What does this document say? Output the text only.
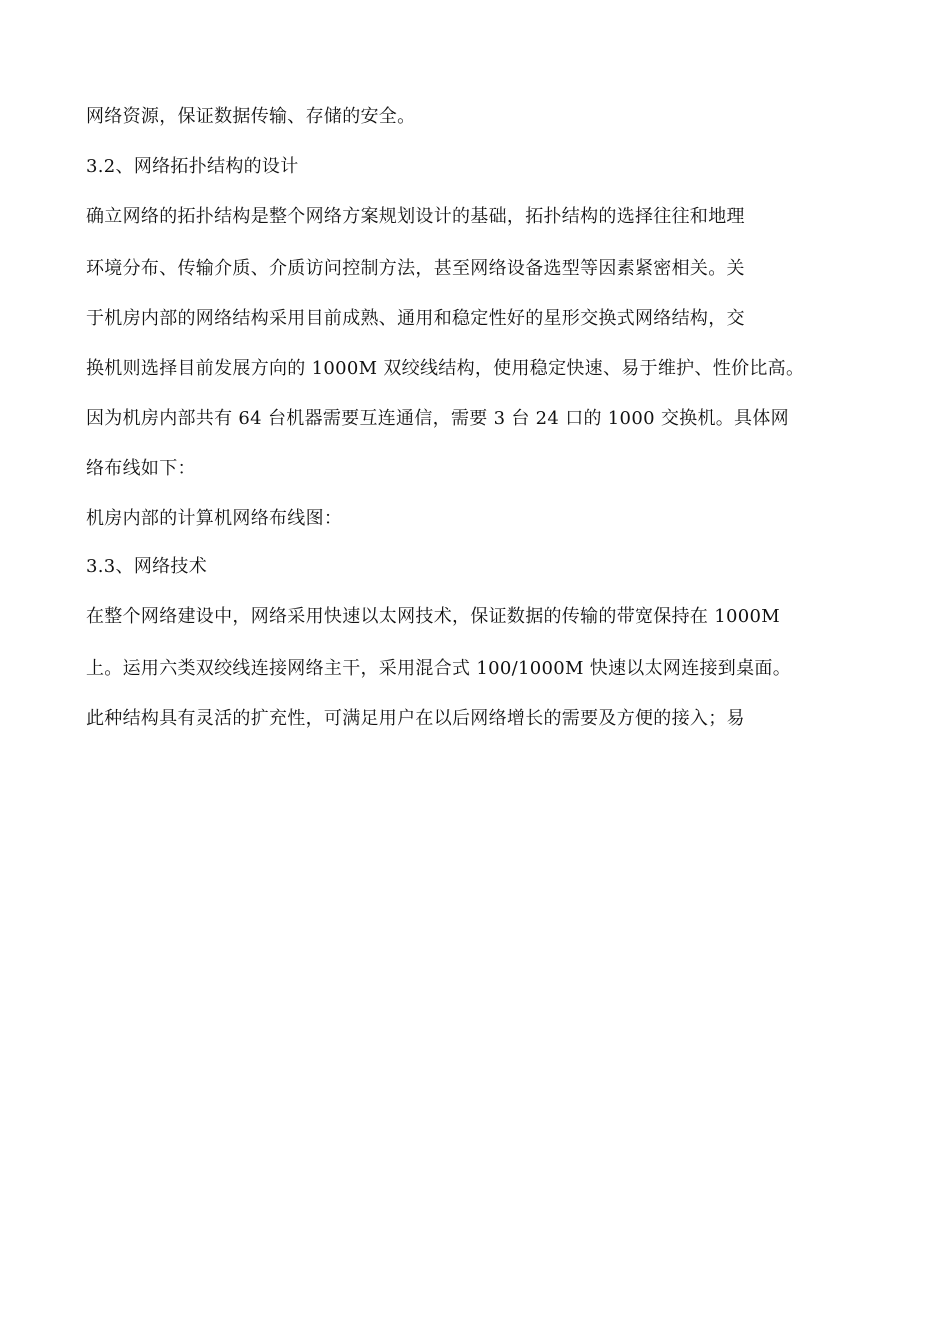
网络资源，保证数据传输、存储的安全。
3.2、网络拓扑结构的设计
确立网络的拓扑结构是整个网络方案规划设计的基础，拓扑结构的选择往往和地理
环境分布、传输介质、介质访问控制方法，甚至网络设备选型等因素紧密相关。关
于机房内部的网络结构采用目前成熟、通用和稳定性好的星形交换式网络结构，交
换机则选择目前发展方向的 1000M 双绞线结构，使用稳定快速、易于维护、性价比高。
因为机房内部共有 64 台机器需要互连通信，需要 3 台 24 口的 1000 交换机。具体网
络布线如下：
机房内部的计算机网络布线图：
3.3、网络技术
在整个网络建设中，网络采用快速以太网技术，保证数据的传输的带宽保持在 1000M
上。运用六类双绞线连接网络主干，采用混合式 100/1000M 快速以太网连接到桌面。
此种结构具有灵活的扩充性，可满足用户在以后网络增长的需要及方便的接入；易
